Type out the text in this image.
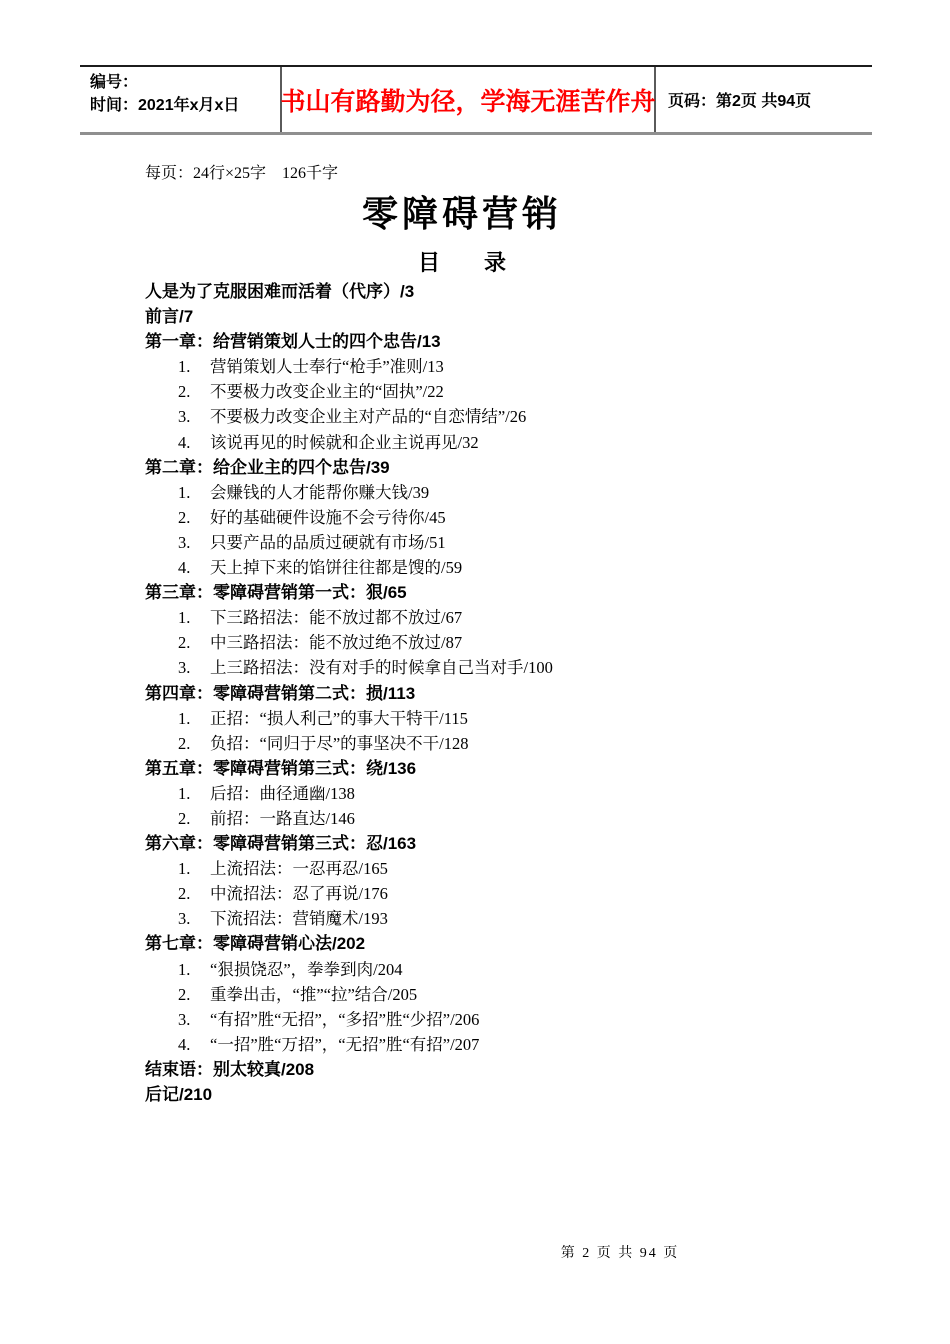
编号：
时间：2021年x月x日	书山有路勤为径，学海无涯苦作舟 页码：第2页 共94页
每页：24行×25字　126千字
零障碍营销
目　　录
人是为了克服困难而活着（代序）/3
前言/7
第一章：给营销策划人士的四个忠告/13
1. 营销策划人士奉行“枪手”准则/13
2. 不要极力改变企业主的“固执”/22
3. 不要极力改变企业主对产品的“自恋情结”/26
4. 该说再见的时候就和企业主说再见/32
第二章：给企业主的四个忠告/39
1. 会赚钱的人才能帮你赚大钱/39
2. 好的基础硬件设施不会亏待你/45
3. 只要产品的品质过硬就有市场/51
4. 天上掉下来的馅饼往往都是馊的/59
第三章：零障碍营销第一式：狠/65
1. 下三路招法：能不放过都不放过/67
2. 中三路招法：能不放过绝不放过/87
3. 上三路招法：没有对手的时候拿自己当对手/100
第四章：零障碍营销第二式：损/113
1. 正招：“损人利己”的事大干特干/115
2. 负招：“同归于尽”的事坚决不干/128
第五章：零障碍营销第三式：绕/136
1. 后招：曲径通幽/138
2. 前招：一路直达/146
第六章：零障碍营销第三式：忍/163
1. 上流招法：一忍再忍/165
2. 中流招法：忍了再说/176
3. 下流招法：营销魔术/193
第七章：零障碍营销心法/202
1. “狠损饶忍”，拳拳到肉/204
2. 重拳出击，“推”“拉”结合/205
3. “有招”胜“无招”，“多招”胜“少招”/206
4. “一招”胜“万招”，“无招”胜“有招”/207
结束语：别太较真/208
后记/210
第 2 页 共 94 页
